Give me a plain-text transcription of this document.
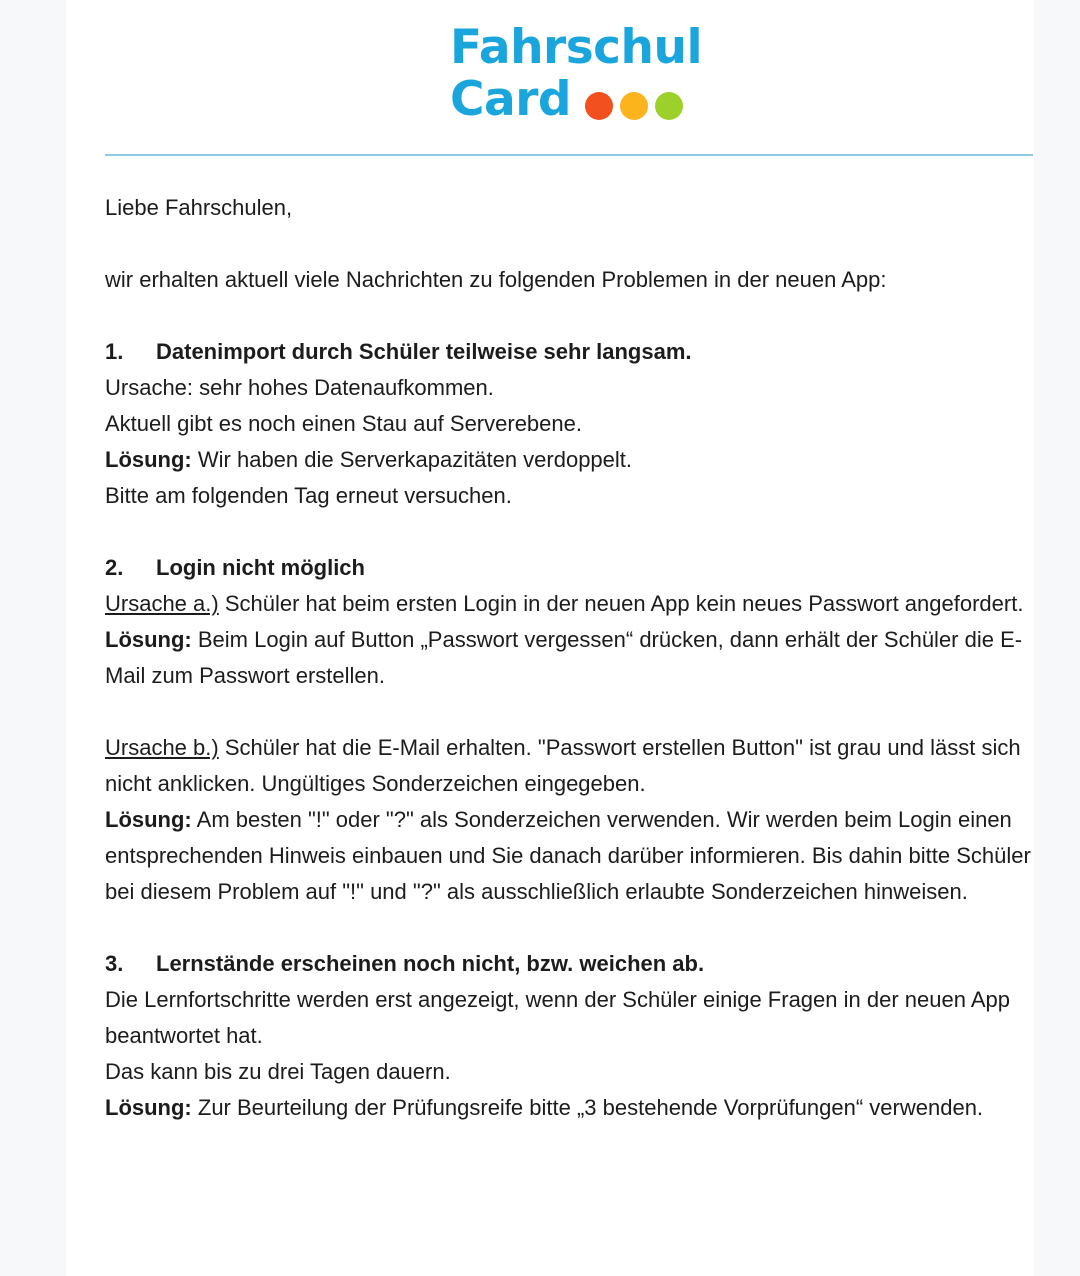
Fahrschul
Card

Liebe Fahrschulen,

wir erhalten aktuell viele Nachrichten zu folgenden Problemen in der neuen App:

1. Datenimport durch Schüler teilweise sehr langsam.

Ursache: sehr hohes Datenaufkommen.

Aktuell gibt es noch einen Stau auf Serverebene.

Lösung: Wir haben die Serverkapazitäten verdoppelt.

Bitte am folgenden Tag erneut versuchen.

2. Login nicht möglich

Ursache a.) Schüler hat beim ersten Login in der neuen App kein neues Passwort angefordert.

Lösung: Beim Login auf Button „Passwort vergessen“ drücken, dann erhält der Schüler die E-Mail zum Passwort erstellen.

Ursache b.) Schüler hat die E-Mail erhalten. "Passwort erstellen Button" ist grau und lässt sich nicht anklicken. Ungültiges Sonderzeichen eingegeben.

Lösung: Am besten "!" oder "?" als Sonderzeichen verwenden. Wir werden beim Login einen entsprechenden Hinweis einbauen und Sie danach darüber informieren. Bis dahin bitte Schüler bei diesem Problem auf "!" und "?" als ausschließlich erlaubte Sonderzeichen hinweisen.

3. Lernstände erscheinen noch nicht, bzw. weichen ab.

Die Lernfortschritte werden erst angezeigt, wenn der Schüler einige Fragen in der neuen App beantwortet hat.

Das kann bis zu drei Tagen dauern.

Lösung: Zur Beurteilung der Prüfungsreife bitte „3 bestehende Vorprüfungen“ verwenden.
